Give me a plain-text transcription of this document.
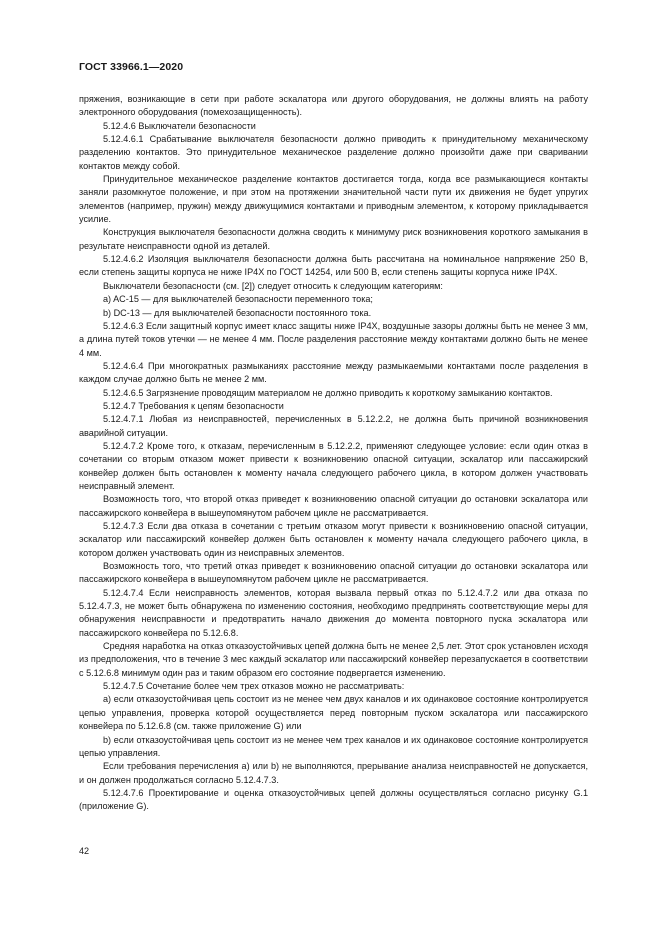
ГОСТ 33966.1—2020

пряжения, возникающие в сети при работе эскалатора или другого оборудования, не должны влиять на работу электронного оборудования (помехозащищенность).

5.12.4.6 Выключатели безопасности

5.12.4.6.1 Срабатывание выключателя безопасности должно приводить к принудительному механическому разделению контактов. Это принудительное механическое разделение должно произойти даже при сваривании контактов между собой.

Принудительное механическое разделение контактов достигается тогда, когда все размыкающиеся контакты заняли разомкнутое положение, и при этом на протяжении значительной части пути их движения не будет упругих элементов (например, пружин) между движущимися контактами и приводным элементом, к которому прикладывается усилие.

Конструкция выключателя безопасности должна сводить к минимуму риск возникновения короткого замыкания в результате неисправности одной из деталей.

5.12.4.6.2 Изоляция выключателя безопасности должна быть рассчитана на номинальное напряжение 250 В, если степень защиты корпуса не ниже IP4X по ГОСТ 14254, или 500 В, если степень защиты корпуса ниже IP4X.

Выключатели безопасности (см. [2]) следует относить к следующим категориям:

a) AC-15 — для выключателей безопасности переменного тока;

b) DC-13 — для выключателей безопасности постоянного тока.

5.12.4.6.3 Если защитный корпус имеет класс защиты ниже IP4X, воздушные зазоры должны быть не менее 3 мм, а длина путей токов утечки — не менее 4 мм. После разделения расстояние между контактами должно быть не менее 4 мм.

5.12.4.6.4 При многократных размыканиях расстояние между размыкаемыми контактами после разделения в каждом случае должно быть не менее 2 мм.

5.12.4.6.5 Загрязнение проводящим материалом не должно приводить к короткому замыканию контактов.

5.12.4.7 Требования к цепям безопасности

5.12.4.7.1 Любая из неисправностей, перечисленных в 5.12.2.2, не должна быть причиной возникновения аварийной ситуации.

5.12.4.7.2 Кроме того, к отказам, перечисленным в 5.12.2.2, применяют следующее условие: если один отказ в сочетании со вторым отказом может привести к возникновению опасной ситуации, эскалатор или пассажирский конвейер должен быть остановлен к моменту начала следующего рабочего цикла, в котором должен участвовать неисправный элемент.

Возможность того, что второй отказ приведет к возникновению опасной ситуации до остановки эскалатора или пассажирского конвейера в вышеупомянутом рабочем цикле не рассматривается.

5.12.4.7.3 Если два отказа в сочетании с третьим отказом могут привести к возникновению опасной ситуации, эскалатор или пассажирский конвейер должен быть остановлен к моменту начала следующего рабочего цикла, в котором должен участвовать один из неисправных элементов.

Возможность того, что третий отказ приведет к возникновению опасной ситуации до остановки эскалатора или пассажирского конвейера в вышеупомянутом рабочем цикле не рассматривается.

5.12.4.7.4 Если неисправность элементов, которая вызвала первый отказ по 5.12.4.7.2 или два отказа по 5.12.4.7.3, не может быть обнаружена по изменению состояния, необходимо предпринять соответствующие меры для обнаружения неисправности и предотвратить начало движения до момента повторного пуска эскалатора или пассажирского конвейера по 5.12.6.8.

Средняя наработка на отказ отказоустойчивых цепей должна быть не менее 2,5 лет. Этот срок установлен исходя из предположения, что в течение 3 мес каждый эскалатор или пассажирский конвейер перезапускается в соответствии с 5.12.6.8 минимум один раз и таким образом его состояние подвергается изменению.

5.12.4.7.5 Сочетание более чем трех отказов можно не рассматривать:

a) если отказоустойчивая цепь состоит из не менее чем двух каналов и их одинаковое состояние контролируется цепью управления, проверка которой осуществляется перед повторным пуском эскалатора или пассажирского конвейера по 5.12.6.8 (см. также приложение G) или

b) если отказоустойчивая цепь состоит из не менее чем трех каналов и их одинаковое состояние контролируется цепью управления.

Если требования перечисления а) или b) не выполняются, прерывание анализа неисправностей не допускается, и он должен продолжаться согласно 5.12.4.7.3.

5.12.4.7.6 Проектирование и оценка отказоустойчивых цепей должны осуществляться согласно рисунку G.1 (приложение G).

42
